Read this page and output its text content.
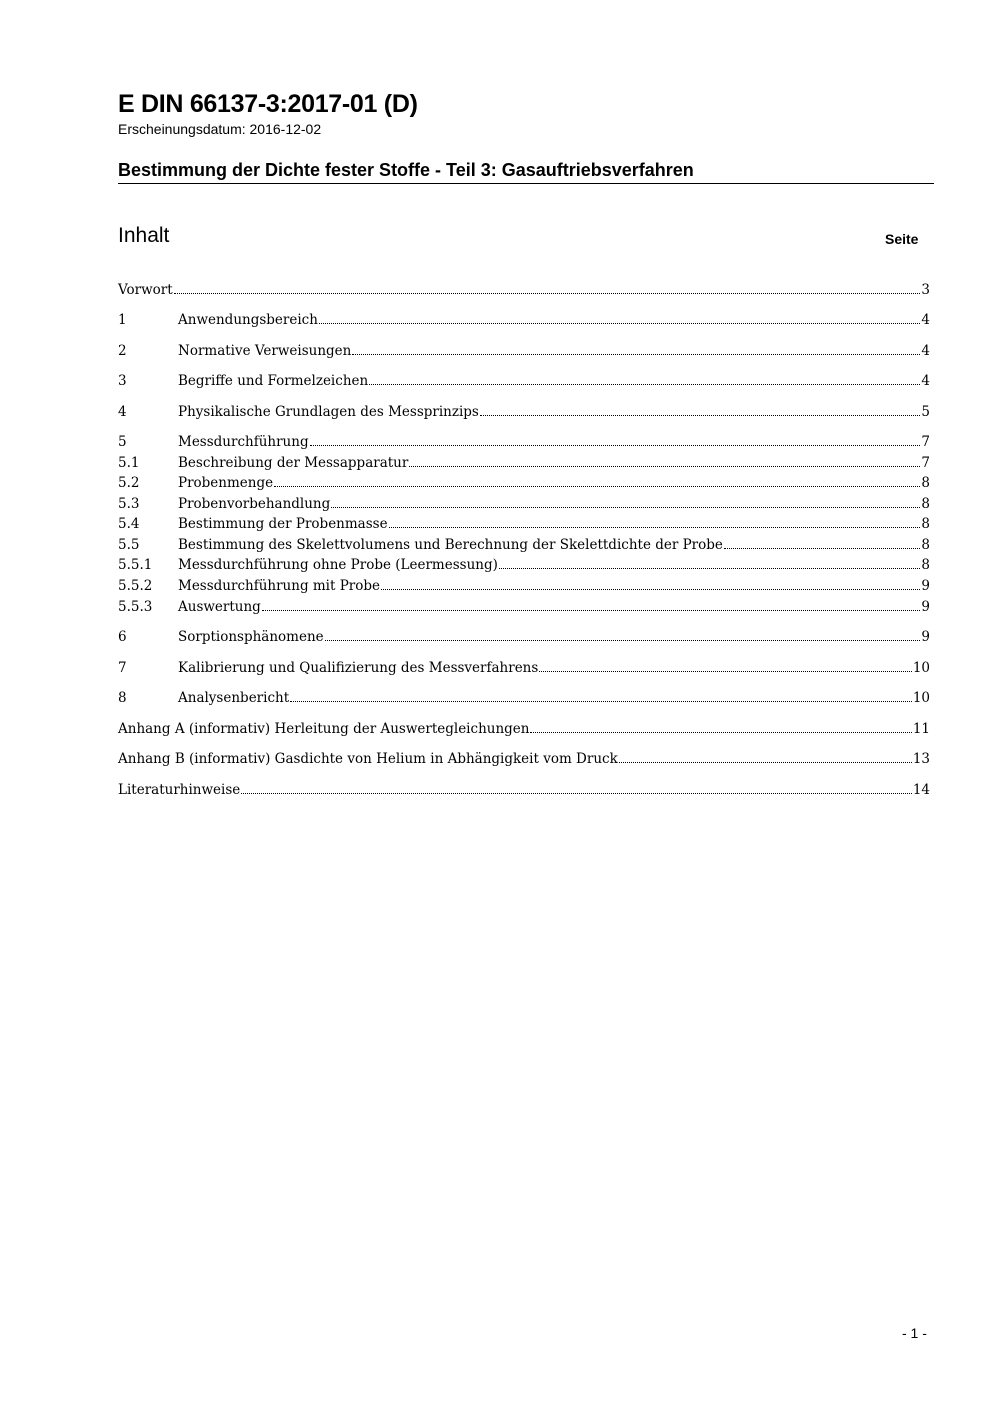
E DIN 66137-3:2017-01 (D)
Erscheinungsdatum: 2016-12-02
Bestimmung der Dichte fester Stoffe - Teil 3: Gasauftriebsverfahren
Inhalt	Seite
Vorwort	3
1	Anwendungsbereich	4
2	Normative Verweisungen	4
3	Begriffe und Formelzeichen	4
4	Physikalische Grundlagen des Messprinzips	5
5	Messdurchführung	7
5.1	Beschreibung der Messapparatur	7
5.2	Probenmenge	8
5.3	Probenvorbehandlung	8
5.4	Bestimmung der Probenmasse	8
5.5	Bestimmung des Skelettvolumens und Berechnung der Skelettdichte der Probe	8
5.5.1	Messdurchführung ohne Probe (Leermessung)	8
5.5.2	Messdurchführung mit Probe	9
5.5.3	Auswertung	9
6	Sorptionsphänomene	9
7	Kalibrierung und Qualifizierung des Messverfahrens	10
8	Analysenbericht	10
Anhang A (informativ) Herleitung der Auswertegleichungen	11
Anhang B (informativ) Gasdichte von Helium in Abhängigkeit vom Druck	13
Literaturhinweise	14
- 1 -
